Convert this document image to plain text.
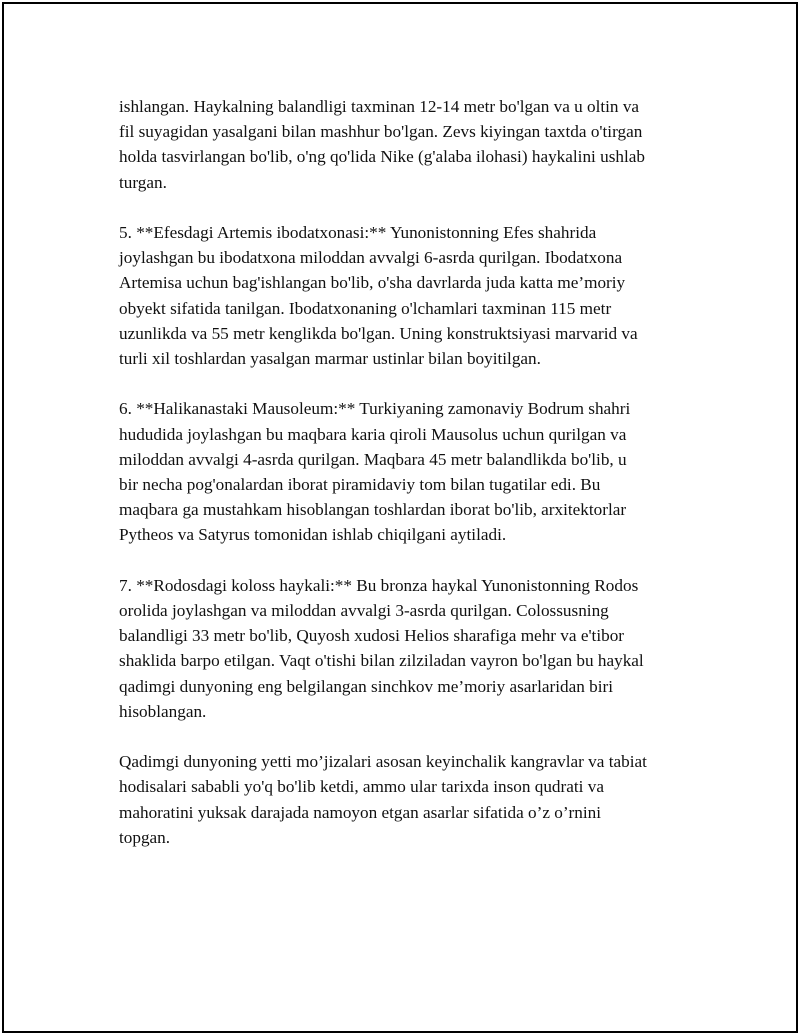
ishlangan. Haykalning balandligi taxminan 12-14 metr bo'lgan va u oltin va
fil suyagidan yasalgani bilan mashhur bo'lgan. Zevs kiyingan taxtda o'tirgan
holda tasvirlangan bo'lib, o'ng qo'lida Nike (g'alaba ilohasi) haykalini ushlab
turgan.

5. **Efesdagi Artemis ibodatxonasi:** Yunonistonning Efes shahrida
joylashgan bu ibodatxona miloddan avvalgi 6-asrda qurilgan. Ibodatxona
Artemisa uchun bag'ishlangan bo'lib, o'sha davrlarda juda katta me’moriy
obyekt sifatida tanilgan. Ibodatxonaning o'lchamlari taxminan 115 metr
uzunlikda va 55 metr kenglikda bo'lgan. Uning konstruktsiyasi marvarid va
turli xil toshlardan yasalgan marmar ustinlar bilan boyitilgan.

6. **Halikanastaki Mausoleum:** Turkiyaning zamonaviy Bodrum shahri
hududida joylashgan bu maqbara karia qiroli Mausolus uchun qurilgan va
miloddan avvalgi 4-asrda qurilgan. Maqbara 45 metr balandlikda bo'lib, u
bir necha pog'onalardan iborat piramidaviy tom bilan tugatilar edi. Bu
maqbara ga mustahkam hisoblangan toshlardan iborat bo'lib, arxitektorlar
Pytheos va Satyrus tomonidan ishlab chiqilgani aytiladi.

7. **Rodosdagi koloss haykali:** Bu bronza haykal Yunonistonning Rodos
orolida joylashgan va miloddan avvalgi 3-asrda qurilgan. Colossusning
balandligi 33 metr bo'lib, Quyosh xudosi Helios sharafiga mehr va e'tibor
shaklida barpo etilgan. Vaqt o'tishi bilan zilziladan vayron bo'lgan bu haykal
qadimgi dunyoning eng belgilangan sinchkov me’moriy asarlaridan biri
hisoblangan.

Qadimgi dunyoning yetti mo’jizalari asosan keyinchalik kangravlar va tabiat
hodisalari sababli yo'q bo'lib ketdi, ammo ular tarixda inson qudrati va
mahoratini yuksak darajada namoyon etgan asarlar sifatida o’z o’rnini
topgan.
